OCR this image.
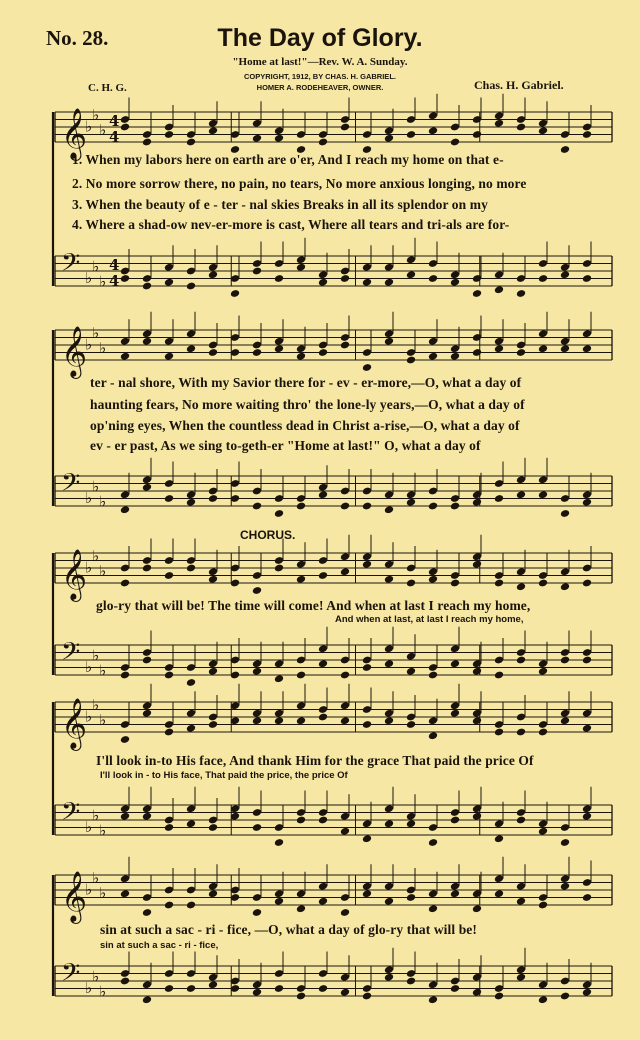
No. 28.	The Day of Glory.
"Home at last!"—Rev. W. A. Sunday.
COPYRIGHT, 1912, BY CHAS. H. GABRIEL.
HOMER A. RODEHEAVER, OWNER.
C. H. G.	Chas. H. Gabriel.
𝄞
♭
♭
♭ 4
4
𝄢 ♭
♭
♭
4
4
𝄞
♭
♭
♭
𝄢 ♭
♭
♭
𝄞
♭
♭
♭
𝄢 ♭
♭
♭
𝄞
♭
♭
♭
𝄢 ♭
♭
♭
𝄞
♭
♭
♭
𝄢 ♭
♭
♭
1. When my labors here on earth are o'er, And I reach my home on that e-
2. No more sorrow there, no pain, no tears, No more anxious longing, no more
3. When the beauty of e - ter - nal skies Breaks in all its splendor on my
4. Where a shad-ow nev-er-more is cast, Where all tears and tri-als are for-
ter - nal shore, With my Savior there for - ev - er-more,—O, what a day of
haunting fears, No more waiting thro' the lone-ly years,—O, what a day of
op'ning eyes, When the countless dead in Christ a-rise,—O, what a day of
ev - er past, As we sing to-geth-er "Home at last!" O, what a day of
CHORUS.
glo-ry that will be! The time will come! And when at last I reach my home,
And when at last, at last I reach my home,
I'll look in-to His face, And thank Him for the grace That paid the price Of
I'll look in - to His face, That paid the price, the price Of
sin at such a sac - ri - fice, —O, what a day of glo-ry that will be!
sin at such a sac - ri - fice,
